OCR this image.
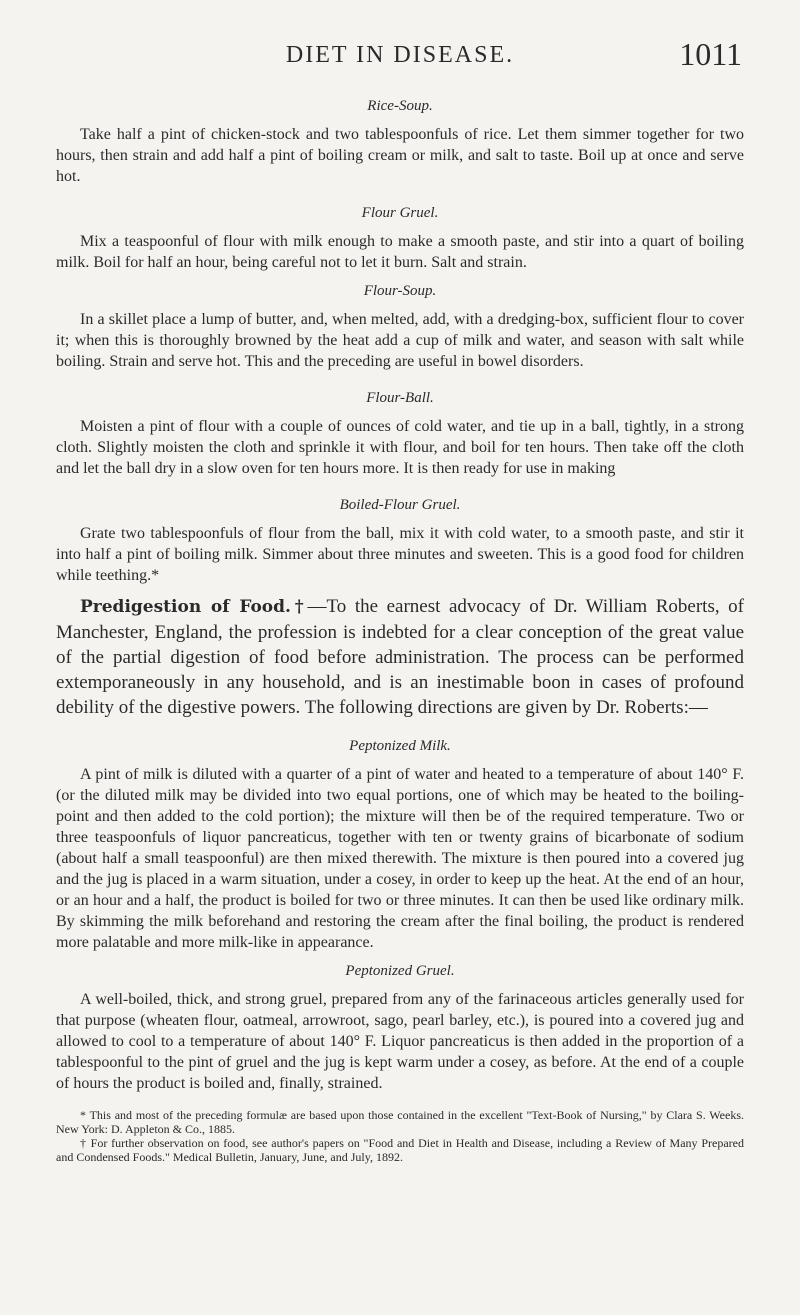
DIET IN DISEASE.	1011
Rice-Soup.

Take half a pint of chicken-stock and two tablespoonfuls of rice. Let them simmer together for two hours, then strain and add half a pint of boiling cream or milk, and salt to taste. Boil up at once and serve hot.

Flour Gruel.

Mix a teaspoonful of flour with milk enough to make a smooth paste, and stir into a quart of boiling milk. Boil for half an hour, being careful not to let it burn. Salt and strain.

Flour-Soup.

In a skillet place a lump of butter, and, when melted, add, with a dredging-box, sufficient flour to cover it; when this is thoroughly browned by the heat add a cup of milk and water, and season with salt while boiling. Strain and serve hot. This and the preceding are useful in bowel disorders.

Flour-Ball.

Moisten a pint of flour with a couple of ounces of cold water, and tie up in a ball, tightly, in a strong cloth. Slightly moisten the cloth and sprinkle it with flour, and boil for ten hours. Then take off the cloth and let the ball dry in a slow oven for ten hours more. It is then ready for use in making

Boiled-Flour Gruel.

Grate two tablespoonfuls of flour from the ball, mix it with cold water, to a smooth paste, and stir it into half a pint of boiling milk. Simmer about three minutes and sweeten. This is a good food for children while teething.*

Predigestion of Food.†—To the earnest advocacy of Dr. William Roberts, of Manchester, England, the profession is indebted for a clear conception of the great value of the partial digestion of food before administration. The process can be performed extemporaneously in any household, and is an inestimable boon in cases of profound debility of the digestive powers. The following directions are given by Dr. Roberts:—

Peptonized Milk.

A pint of milk is diluted with a quarter of a pint of water and heated to a temperature of about 140° F. (or the diluted milk may be divided into two equal portions, one of which may be heated to the boiling-point and then added to the cold portion); the mixture will then be of the required temperature. Two or three teaspoonfuls of liquor pancreaticus, together with ten or twenty grains of bicarbonate of sodium (about half a small teaspoonful) are then mixed therewith. The mixture is then poured into a covered jug and the jug is placed in a warm situation, under a cosey, in order to keep up the heat. At the end of an hour, or an hour and a half, the product is boiled for two or three minutes. It can then be used like ordinary milk. By skimming the milk beforehand and restoring the cream after the final boiling, the product is rendered more palatable and more milk-like in appearance.

Peptonized Gruel.

A well-boiled, thick, and strong gruel, prepared from any of the farinaceous articles generally used for that purpose (wheaten flour, oatmeal, arrowroot, sago, pearl barley, etc.), is poured into a covered jug and allowed to cool to a temperature of about 140° F. Liquor pancreaticus is then added in the proportion of a tablespoonful to the pint of gruel and the jug is kept warm under a cosey, as before. At the end of a couple of hours the product is boiled and, finally, strained.

* This and most of the preceding formulæ are based upon those contained in the excellent "Text-Book of Nursing," by Clara S. Weeks. New York: D. Appleton & Co., 1885.

† For further observation on food, see author's papers on "Food and Diet in Health and Disease, including a Review of Many Prepared and Condensed Foods." Medical Bulletin, January, June, and July, 1892.
